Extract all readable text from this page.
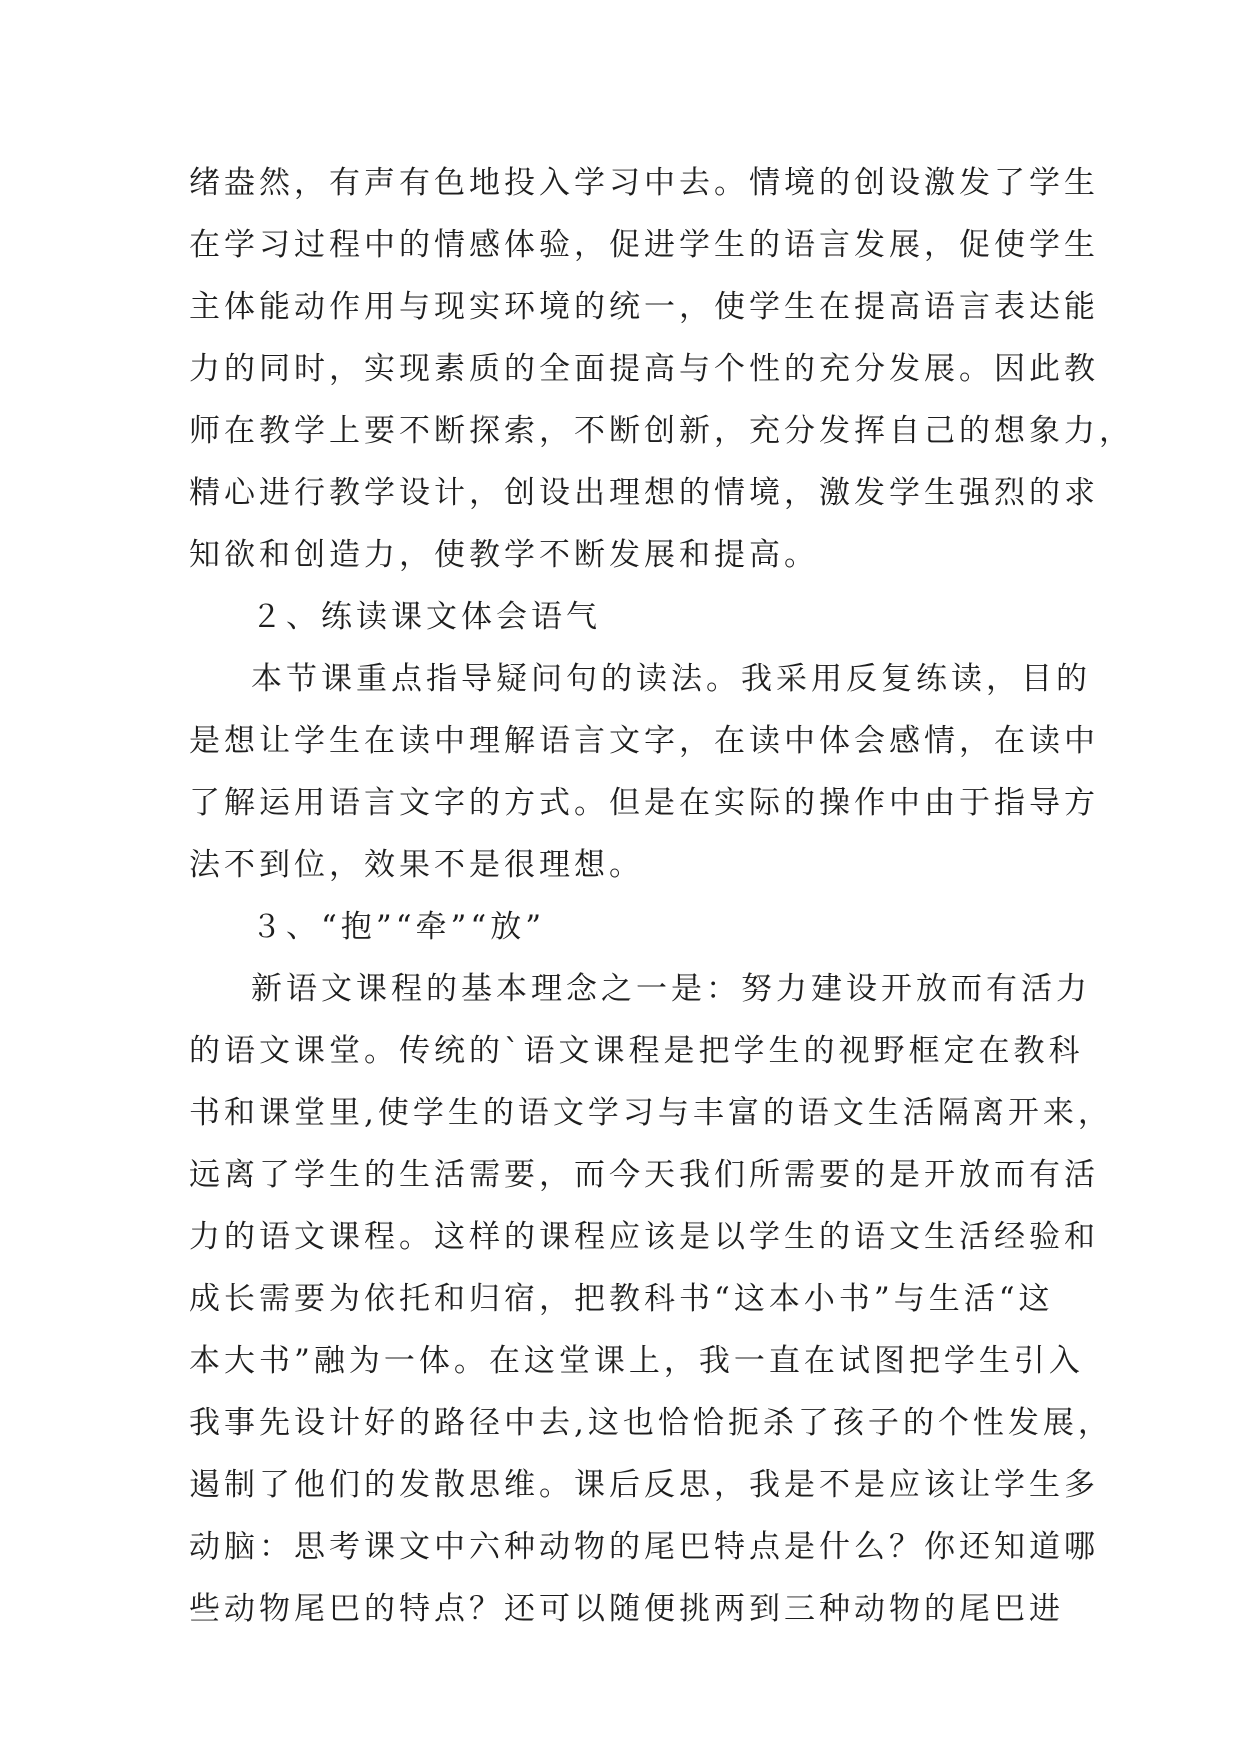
绪盎然，有声有色地投入学习中去。情境的创设激发了学生
在学习过程中的情感体验，促进学生的语言发展，促使学生
主体能动作用与现实环境的统一，使学生在提高语言表达能
力的同时，实现素质的全面提高与个性的充分发展。因此教
师在教学上要不断探索，不断创新，充分发挥自己的想象力，
精心进行教学设计，创设出理想的情境，激发学生强烈的求
知欲和创造力，使教学不断发展和提高。
２、练读课文体会语气
本节课重点指导疑问句的读法。我采用反复练读，目的
是想让学生在读中理解语言文字，在读中体会感情，在读中
了解运用语言文字的方式。但是在实际的操作中由于指导方
法不到位，效果不是很理想。
３、“抱”“牵”“放”
新语文课程的基本理念之一是：努力建设开放而有活力
的语文课堂。传统的`语文课程是把学生的视野框定在教科
书和课堂里,使学生的语文学习与丰富的语文生活隔离开来，
远离了学生的生活需要，而今天我们所需要的是开放而有活
力的语文课程。这样的课程应该是以学生的语文生活经验和
成长需要为依托和归宿，把教科书“这本小书”与生活“这
本大书”融为一体。在这堂课上，我一直在试图把学生引入
我事先设计好的路径中去,这也恰恰扼杀了孩子的个性发展，
遏制了他们的发散思维。课后反思，我是不是应该让学生多
动脑：思考课文中六种动物的尾巴特点是什么？你还知道哪
些动物尾巴的特点？还可以随便挑两到三种动物的尾巴进
